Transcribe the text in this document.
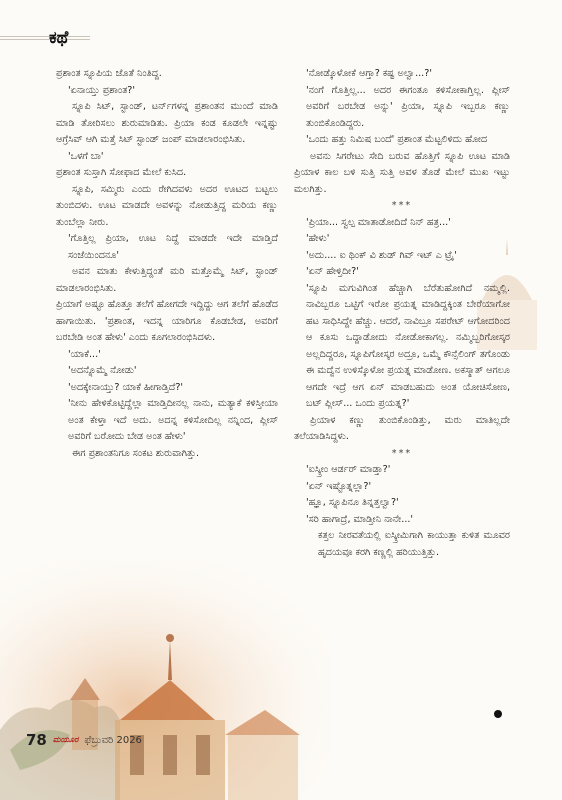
ಕಥೆ

ಪ್ರಶಾಂತ ಸ್ನೂಪಿಯ ಜೊತೆ ನಿಂತಿದ್ದ.

'ಏನಾಯ್ತು ಪ್ರಶಾಂತ?'

ಸ್ನೂಪಿ ಸಿಟ್, ಸ್ಟಾಂಡ್, ಟರ್ನ್‌ಗಳನ್ನ ಪ್ರಶಾಂತನ ಮುಂದೆ ಮಾಡಿ ಮಾಡಿ ತೋರಿಸಲು ಶುರುಮಾಡಿತು. ಪ್ರಿಯಾ ಕಂಡ ಕೂಡಲೇ ಇನ್ನಷ್ಟು ಆಗ್ರೆಸಿವ್ ಆಗಿ ಮತ್ತೆ ಸಿಟ್ ಸ್ಟಾಂಡ್ ಜಂಪ್ ಮಾಡಲಾರಂಭಿಸಿತು.

'ಒಳಗೆ ಬಾ'

ಪ್ರಶಾಂತ ಸುಸ್ತಾಗಿ ಸೋಫಾದ ಮೇಲೆ ಕುಸಿದ.

ಸ್ನೂಪಿ, ಸಮ್ಮಿರು ಎಂದು ರೇಗಿದವಳು ಅದರ ಊಟದ ಬಟ್ಟಲು ತುಂಬಿದಳು. ಊಟ ಮಾಡದೇ ಅವಳನ್ನು ನೋಡುತ್ತಿದ್ದ ಮರಿಯ ಕಣ್ಣು ತುಂಬೆಲ್ಲಾ ನೀರು.

'ಗೊತ್ತಿಲ್ಲ ಪ್ರಿಯಾ, ಊಟ ನಿದ್ದೆ ಮಾಡದೇ ಇದೇ ಮಾಡ್ತಿದೆ ಸಂಜೆಯಿಂದನೂ'

ಅವನ ಮಾತು ಕೇಳುತ್ತಿದ್ದಂತೆ ಮರಿ ಮತ್ತೊಮ್ಮೆ ಸಿಟ್, ಸ್ಟಾಂಡ್ ಮಾಡಲಾರಂಭಿಸಿತು.

ಪ್ರಿಯಾಗೆ ಅಷ್ಟೂ ಹೊತ್ತೂ ತಲೆಗೆ ಹೋಗದೇ ಇದ್ದಿದ್ದು ಆಗ ತಲೆಗೆ ಹೊಡೆದ ಹಾಗಾಯಿತು. 'ಪ್ರಶಾಂತ, ಇದನ್ನ ಯಾರಿಗೂ ಕೊಡಬೇಡ, ಅವರಿಗೆ ಬರಬೇಡಿ ಅಂತ ಹೇಳು' ಎಂದು ಕೂಗಲಾರಂಭಿಸಿದಳು.

'ಯಾಕೆ...'

'ಅದನ್ನೊಮ್ಮೆ ನೋಡು'

'ಅದಕ್ಕೇನಾಯ್ತು? ಯಾಕೆ ಹೀಗಾಡ್ತಿದೆ?'

'ನೀನು ಹೇಳಿಕೊಟ್ಟಿದ್ದೆಲ್ಲಾ ಮಾಡ್ತಿದೀನಲ್ಲ ನಾನು, ಮತ್ಯಾಕೆ ಕಳಿಸ್ತೀಯಾ ಅಂತ ಕೇಳ್ತಾ ಇದೆ ಅದು. ಅದನ್ನ ಕಳಿಸೋದಿಲ್ಲ ನನ್ನಿಂದ, ಪ್ಲೀಸ್ ಅವರಿಗೆ ಬರೋದು ಬೇಡ ಅಂತ ಹೇಳು'

ಈಗ ಪ್ರಶಾಂತನಿಗೂ ಸಂಕಟ ಶುರುವಾಗಿತ್ತು.

'ನೋಡ್ಕೊಳೋಕೆ ಆಗ್ತಾ? ಕಷ್ಟ ಅಲ್ವಾ...?'

'ನಂಗೆ ಗೊತ್ತಿಲ್ಲ... ಅದರ ಈಗಂತೂ ಕಳಿಸೋಕಾಗ್ತಿಲ್ಲ. ಪ್ಲೀಸ್ ಅವರಿಗೆ ಬರಬೇಡ ಅನ್ನು' ಪ್ರಿಯಾ, ಸ್ನೂಪಿ ಇಬ್ಬರೂ ಕಣ್ಣು ತುಂಬಿಕೊಂಡಿದ್ದರು.

'ಒಂದು ಹತ್ತು ನಿಮಿಷ ಬಂದೆ' ಪ್ರಶಾಂತ ಮೆಟ್ಟಲಿಳಿದು ಹೋದ

ಅವನು ಸಿಗರೇಟು ಸೇದಿ ಬರುವ ಹೊತ್ತಿಗೆ ಸ್ನೂಪಿ ಊಟ ಮಾಡಿ ಪ್ರಿಯಾಳ ಕಾಲ ಬಳಿ ಸುತ್ತಿ ಸುತ್ತಿ ಅವಳ ತೊಡೆ ಮೇಲೆ ಮುಖ ಇಟ್ಟು ಮಲಗಿತ್ತು.

***

'ಪ್ರಿಯಾ... ಸ್ವಲ್ಪ ಮಾತಾಡೋದಿದೆ ನಿನ್ ಹತ್ರ...'

'ಹೇಳು'

'ಅದು.... ಐ ಥಿಂಕ್ ವಿ ಶುಡ್ ಗಿವ್ ಇಟ್ ಎ ಟ್ರೈ'

'ಏನ್ ಹೇಳ್ತಿದೀ?'

'ಸ್ನೂಪಿ ಮಗುವಿಗಿಂತ ಹೆಚ್ಚಾಗಿ ಬೆರೆತುಹೋಗಿದೆ ನಮ್ಮಲ್ಲಿ. ನಾವಿಬ್ಬರೂ ಒಟ್ಟಿಗೆ ಇರೋ ಪ್ರಯತ್ನ ಮಾಡಿದ್ದಕ್ಕಿಂತ ಬೇರೆಯಾಗೋ ಹಟ ಸಾಧಿಸಿದ್ದೇ ಹೆಚ್ಚು. ಆದರೆ, ನಾವಿಬ್ರೂ ಸಪರೇಟ್ ಆಗೋದರಿಂದ ಆ ಕೂಸು ಒದ್ದಾಡೋದು ನೋಡೋಕಾಗಲ್ಲ. ನಮ್ಮಿಬ್ಬರಿಗೋಸ್ಕರ ಅಲ್ಲದಿದ್ದರೂ, ಸ್ನೂಪಿಗೋಸ್ಕರ ಅದ್ರೂ, ಒಮ್ಮೆ ಕೌನ್ಸೆಲಿಂಗ್ ತಗೊಂಡು ಈ ಮದ್ವೆನ ಉಳಿಸ್ಕೊಳೋ ಪ್ರಯತ್ನ ಮಾಡೋಣ. ಅಕಸ್ಮಾತ್ ಆಗಲೂ ಆಗದೇ ಇದ್ರೆ ಆಗ ಏನ್ ಮಾಡಬಹುದು ಅಂತ ಯೋಚಿಸೋಣ, ಬಟ್ ಪ್ಲೀಸ್... ಒಂದು ಪ್ರಯತ್ನ?'

ಪ್ರಿಯಾಳ ಕಣ್ಣು ತುಂಬಿಕೊಂಡಿತ್ತು, ಮರು ಮಾತಿಲ್ಲದೇ ತಲೆಯಾಡಿಸಿದ್ದಳು.

***

'ಐಸ್ಕ್ರೀಂ ಆರ್ಡರ್ ಮಾಡ್ತಾ?'

'ಏನ್ ಇಷ್ಟೊತ್ನಲ್ಲಾ?'

'ಹ್ಞೂ, ಸ್ನೂಪಿನೂ ತಿನ್ನತ್ತಲ್ವಾ?'

'ಸರಿ ಹಾಗಾದ್ರೆ, ಮಾಡ್ತೀನಿ ನಾನೇ...'

ಕತ್ತಲ ನೀರವತೆಯಲ್ಲಿ ಐಸ್ಕ್ರೀಮಿಗಾಗಿ ಕಾಯುತ್ತಾ ಕುಳಿತ ಮೂವರ ಹೃದಯವೂ ಕರಗಿ ಕಣ್ಣಲ್ಲಿ ಹರಿಯುತ್ತಿತ್ತು.

78 ಮಯೂರ ಫೆಬ್ರುವರಿ 2026
